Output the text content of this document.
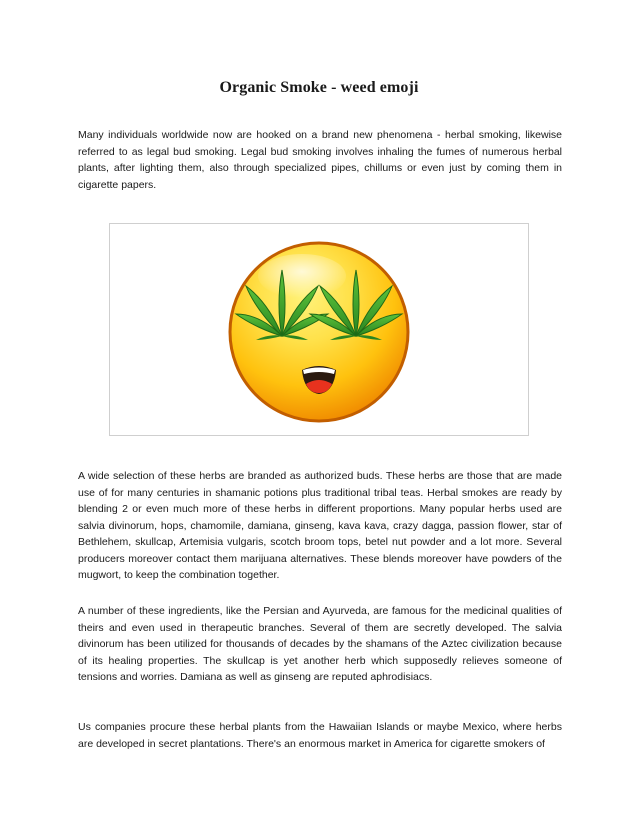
Organic Smoke - weed emoji

Many individuals worldwide now are hooked on a brand new phenomena - herbal smoking, likewise referred to as legal bud smoking. Legal bud smoking involves inhaling the fumes of numerous herbal plants, after lighting them, also through specialized pipes, chillums or even just by coming them in cigarette papers.

A wide selection of these herbs are branded as authorized buds. These herbs are those that are made use of for many centuries in shamanic potions plus traditional tribal teas. Herbal smokes are ready by blending 2 or even much more of these herbs in different proportions. Many popular herbs used are salvia divinorum, hops, chamomile, damiana, ginseng, kava kava, crazy dagga, passion flower, star of Bethlehem, skullcap, Artemisia vulgaris, scotch broom tops, betel nut powder and a lot more. Several producers moreover contact them marijuana alternatives. These blends moreover have powders of the mugwort, to keep the combination together.

A number of these ingredients, like the Persian and Ayurveda, are famous for the medicinal qualities of theirs and even used in therapeutic branches. Several of them are secretly developed. The salvia divinorum has been utilized for thousands of decades by the shamans of the Aztec civilization because of its healing properties. The skullcap is yet another herb which supposedly relieves someone of tensions and worries. Damiana as well as ginseng are reputed aphrodisiacs.

Us companies procure these herbal plants from the Hawaiian Islands or maybe Mexico, where herbs are developed in secret plantations. There's an enormous market in America for cigarette smokers of
